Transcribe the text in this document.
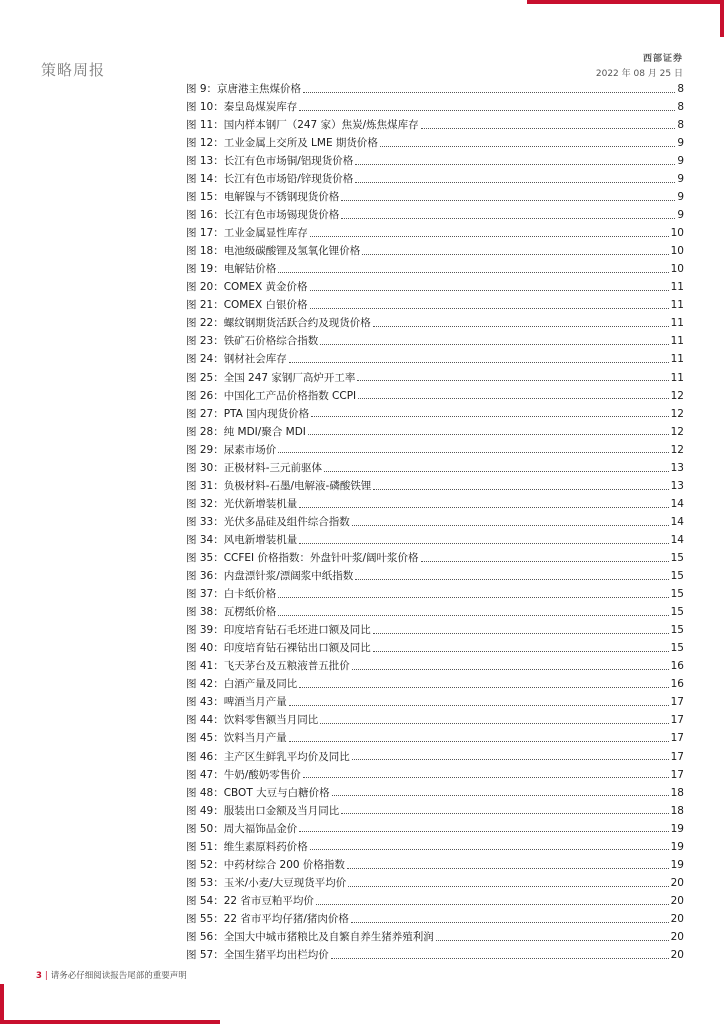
策略周报
西部证券
2022 年 08 月 25 日
图 9：京唐港主焦煤价格	8
图 10：秦皇岛煤炭库存	8
图 11：国内样本钢厂（247 家）焦炭/炼焦煤库存	8
图 12：工业金属上交所及 LME 期货价格	9
图 13：长江有色市场铜/铝现货价格	9
图 14：长江有色市场铅/锌现货价格	9
图 15：电解镍与不锈钢现货价格	9
图 16：长江有色市场锡现货价格	9
图 17：工业金属显性库存	10
图 18：电池级碳酸锂及氢氧化锂价格	10
图 19：电解钴价格	10
图 20：COMEX 黄金价格	11
图 21：COMEX 白银价格	11
图 22：螺纹钢期货活跃合约及现货价格	11
图 23：铁矿石价格综合指数	11
图 24：钢材社会库存	11
图 25：全国 247 家钢厂高炉开工率	11
图 26：中国化工产品价格指数 CCPI	12
图 27：PTA 国内现货价格	12
图 28：纯 MDI/聚合 MDI	12
图 29：尿素市场价	12
图 30：正极材料-三元前驱体	13
图 31：负极材料-石墨/电解液-磷酸铁锂	13
图 32：光伏新增装机量	14
图 33：光伏多晶硅及组件综合指数	14
图 34：风电新增装机量	14
图 35：CCFEI 价格指数：外盘针叶浆/阔叶浆价格	15
图 36：内盘漂针浆/漂阔浆中纸指数	15
图 37：白卡纸价格	15
图 38：瓦楞纸价格	15
图 39：印度培育钻石毛坯进口额及同比	15
图 40：印度培育钻石裸钻出口额及同比	15
图 41：飞天茅台及五粮液普五批价	16
图 42：白酒产量及同比	16
图 43：啤酒当月产量	17
图 44：饮料零售额当月同比	17
图 45：饮料当月产量	17
图 46：主产区生鲜乳平均价及同比	17
图 47：牛奶/酸奶零售价	17
图 48：CBOT 大豆与白糖价格	18
图 49：服装出口金额及当月同比	18
图 50：周大福饰品金价	19
图 51：维生素原料药价格	19
图 52：中药材综合 200 价格指数	19
图 53：玉米/小麦/大豆现货平均价	20
图 54：22 省市豆粕平均价	20
图 55：22 省市平均仔猪/猪肉价格	20
图 56：全国大中城市猪粮比及自繁自养生猪养殖利润	20
图 57：全国生猪平均出栏均价	20
3 | 请务必仔细阅读报告尾部的重要声明
